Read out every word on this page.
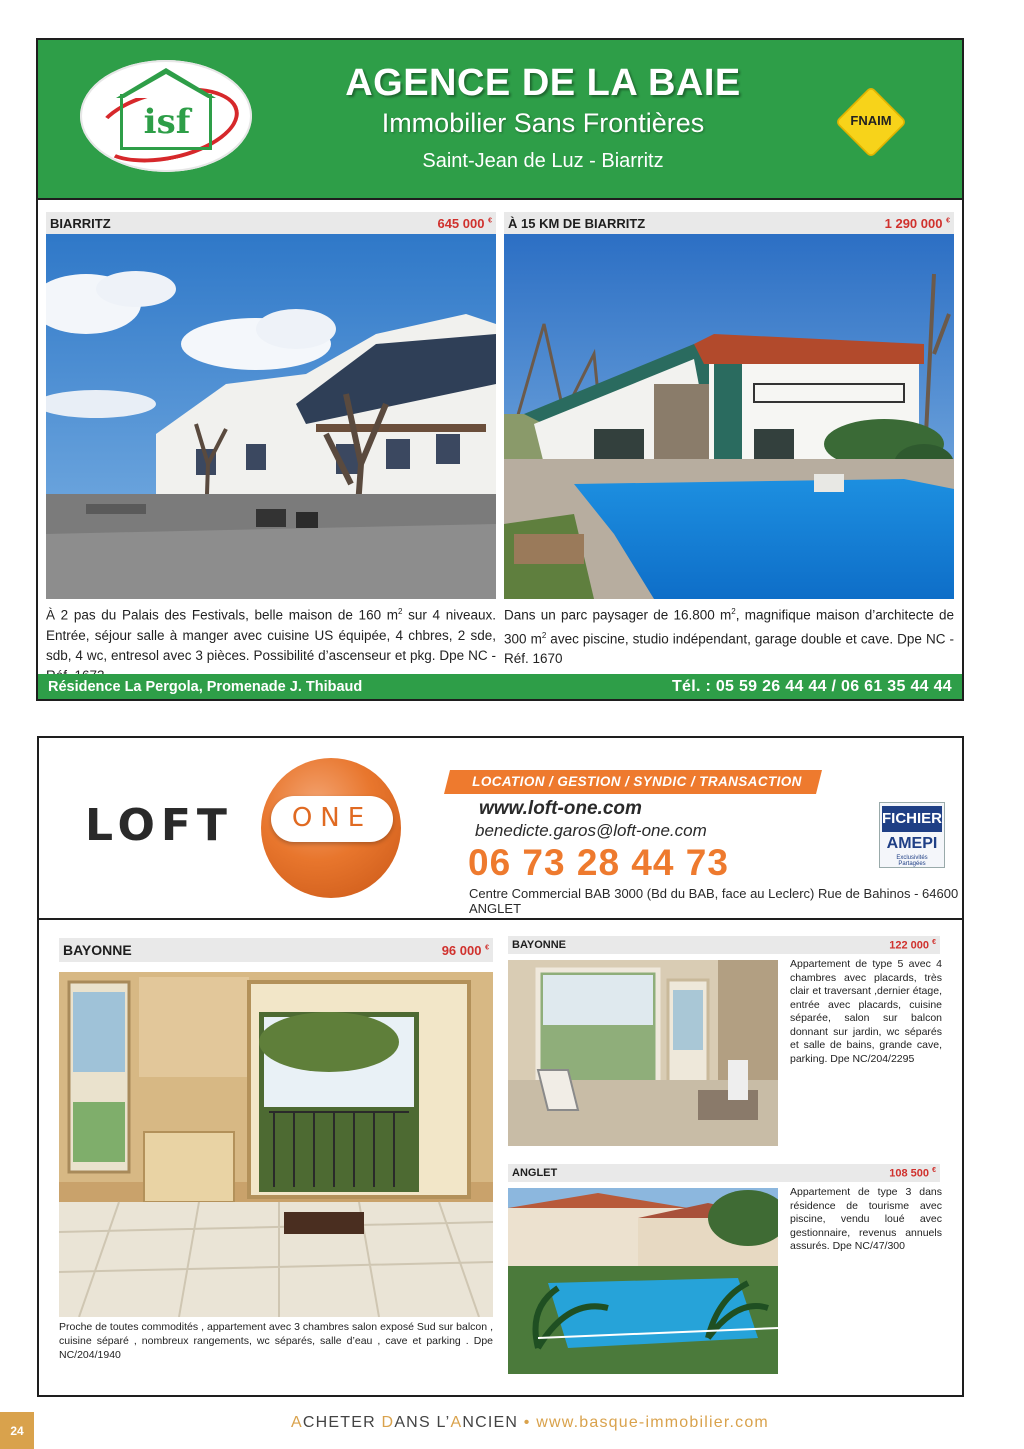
isf
AGENCE DE LA BAIE
Immobilier Sans Frontières
Saint-Jean de Luz - Biarritz
FNAIM
BIARRITZ	645 000 €
À 2 pas du Palais des Festivals, belle maison de 160 $m^2$ sur 4 niveaux. Entrée, séjour salle à manger avec cuisine US équipée, 4 chbres, 2 sde, sdb, 4 wc, entresol avec 3 pièces. Possibilité d’ascenseur et pkg. Dpe NC -
À 15 KM DE BIARRITZ	1 290 000 €
Dans un parc paysager de 16.800 $m^2$, magnifique maison d’architecte de 300 $m^2$ avec piscine, studio indépendant, garage double et cave. Dpe NC - Réf. 1670
Résidence La Pergola, Promenade J. Thibaud	Tél. : 05 59 26 44 44 / 06 61 35 44 44
LOFT	ONE
LOCATION / GESTION / SYNDIC / TRANSACTION
www.loft-one.com
benedicte.garos@loft-one.com
06 73 28 44 73
Centre Commercial BAB 3000 (Bd du BAB, face au Leclerc) Rue de Bahinos - 64600 ANGLET
FICHIER
AMEPI
Exclusivités Partagées
BAYONNE	96 000 €
Proche de toutes commodités , appartement avec 3 chambres salon exposé Sud sur balcon , cuisine séparé , nombreux rangements, wc séparés, salle d’eau , cave et parking . Dpe NC/204/1940
BAYONNE	122 000 €
Appartement de type 5 avec 4 chambres avec placards, très clair et traversant ,dernier étage, entrée avec placards, cuisine séparée, salon sur balcon donnant sur jardin, wc séparés et salle de bains, grande cave, parking. Dpe NC/204/2295
ANGLET	108 500 €
Appartement de type 3 dans résidence de tourisme avec piscine, vendu loué avec gestionnaire, revenus annuels assurés. Dpe NC/47/300
24	ACHETER DANS L’ANCIEN • www.basque-immobilier.com
